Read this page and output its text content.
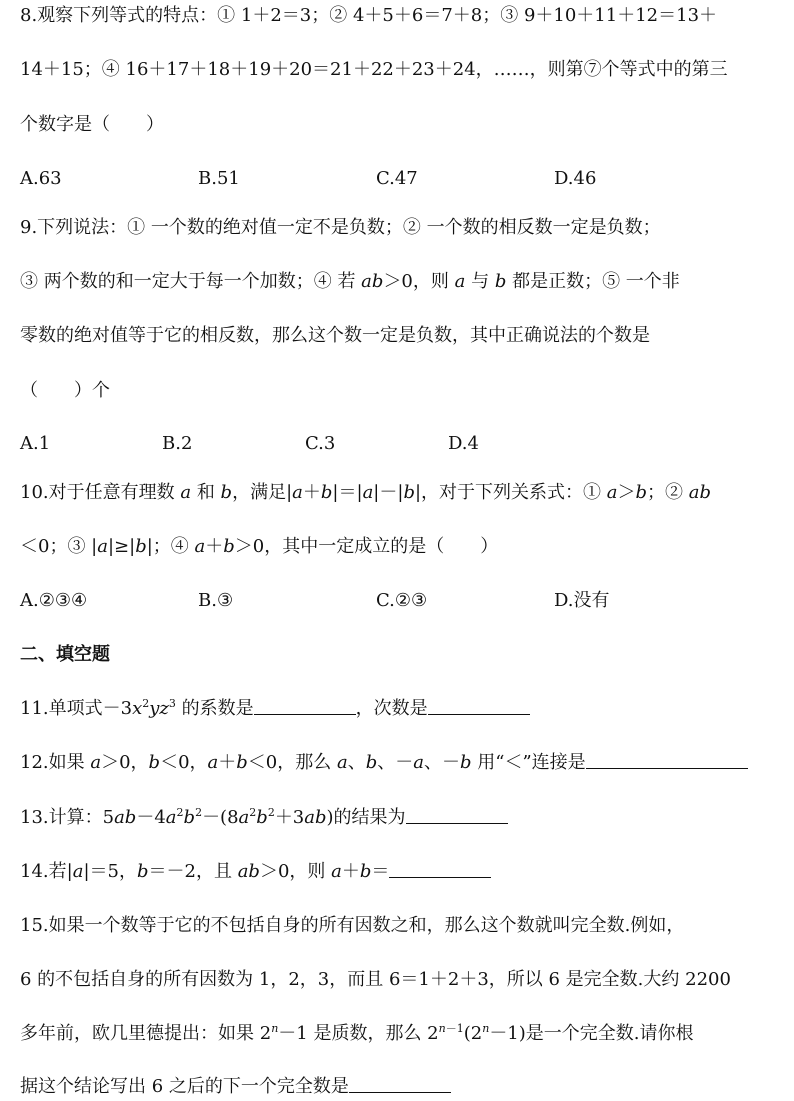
8.观察下列等式的特点：① 1＋2＝3；② 4＋5＋6＝7＋8；③ 9＋10＋11＋12＝13＋
14＋15；④ 16＋17＋18＋19＋20＝21＋22＋23＋24，……，则第⑦个等式中的第三
个数字是（　　）
A.63	B.51	C.47	D.46
9.下列说法：① 一个数的绝对值一定不是负数；② 一个数的相反数一定是负数；
③ 两个数的和一定大于每一个加数；④ 若 ab＞0，则 a 与 b 都是正数；⑤ 一个非
零数的绝对值等于它的相反数，那么这个数一定是负数，其中正确说法的个数是
（　　）个
A.1	B.2	C.3	D.4
10.对于任意有理数 a 和 b，满足|a＋b|＝|a|－|b|，对于下列关系式：① a＞b；② ab
＜0；③ |a|≥|b|；④ a＋b＞0，其中一定成立的是（　　）
A.②③④	B.③	C.②③	D.没有
二、填空题
11.单项式$-3x^2yz^3$ 的系数是	，次数是
12.如果 a＞0，b＜0，a＋b＜0，那么 a、b、－a、－b 用“＜”连接是
13.计算：$5ab-4a^2b^2-(8a^2b^2+3ab)$的结果为
14.若|a|＝5，b＝－2，且 ab＞0，则 a＋b＝
15.如果一个数等于它的不包括自身的所有因数之和，那么这个数就叫完全数.例如，
6 的不包括自身的所有因数为 1，2，3，而且 6＝1＋2＋3，所以 6 是完全数.大约 2200
多年前，欧几里德提出：如果 $2^n-1$ 是质数，那么 $2^{n-1}(2^n-1)$是一个完全数.请你根
据这个结论写出 6 之后的下一个完全数是
